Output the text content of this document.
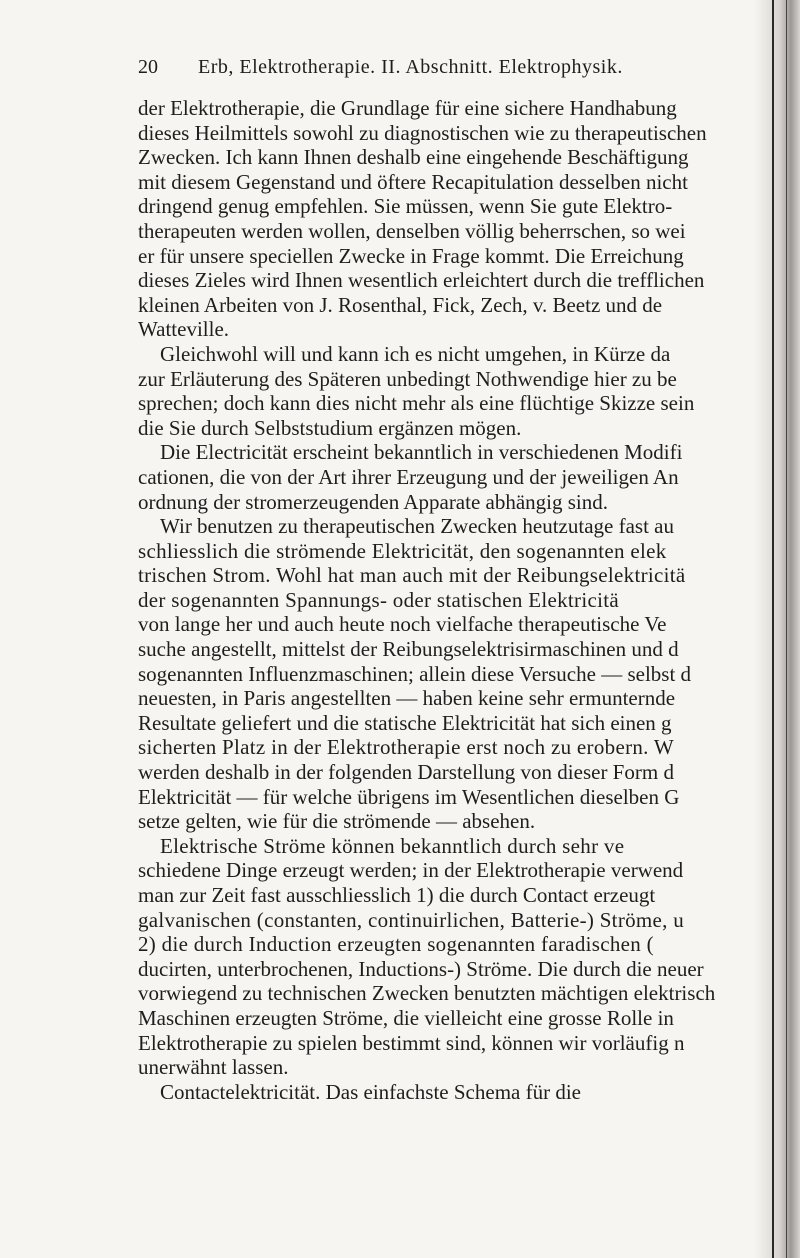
20 Erb, Elektrotherapie. II. Abschnitt. Elektrophysik.
der Elektrotherapie, die Grundlage für eine sichere Handhabung
dieses Heilmittels sowohl zu diagnostischen wie zu therapeutischen
Zwecken. Ich kann Ihnen deshalb eine eingehende Beschäftigung
mit diesem Gegenstand und öftere Recapitulation desselben nicht
dringend genug empfehlen. Sie müssen, wenn Sie gute Elektro-
therapeuten werden wollen, denselben völlig beherrschen, so wei
er für unsere speciellen Zwecke in Frage kommt. Die Erreichung
dieses Zieles wird Ihnen wesentlich erleichtert durch die trefflichen
kleinen Arbeiten von J. Rosenthal, Fick, Zech, v. Beetz und de
Watteville.
Gleichwohl will und kann ich es nicht umgehen, in Kürze da
zur Erläuterung des Späteren unbedingt Nothwendige hier zu be
sprechen; doch kann dies nicht mehr als eine flüchtige Skizze sein
die Sie durch Selbststudium ergänzen mögen.
Die Electricität erscheint bekanntlich in verschiedenen Modifi
cationen, die von der Art ihrer Erzeugung und der jeweiligen An
ordnung der stromerzeugenden Apparate abhängig sind.
Wir benutzen zu therapeutischen Zwecken heutzutage fast au
schliesslich die strömende Elektricität, den sogenannten elek
trischen Strom. Wohl hat man auch mit der Reibungselektricitä
der sogenannten Spannungs- oder statischen Elektricitä
von lange her und auch heute noch vielfache therapeutische Ve
suche angestellt, mittelst der Reibungselektrisirmaschinen und d
sogenannten Influenzmaschinen; allein diese Versuche — selbst d
neuesten, in Paris angestellten — haben keine sehr ermunternde
Resultate geliefert und die statische Elektricität hat sich einen g
sicherten Platz in der Elektrotherapie erst noch zu erobern. W
werden deshalb in der folgenden Darstellung von dieser Form d
Elektricität — für welche übrigens im Wesentlichen dieselben G
setze gelten, wie für die strömende — absehen.
Elektrische Ströme können bekanntlich durch sehr ve
schiedene Dinge erzeugt werden; in der Elektrotherapie verwend
man zur Zeit fast ausschliesslich 1) die durch Contact erzeugt
galvanischen (constanten, continuirlichen, Batterie-) Ströme, u
2) die durch Induction erzeugten sogenannten faradischen (
ducirten, unterbrochenen, Inductions-) Ströme. Die durch die neuer
vorwiegend zu technischen Zwecken benutzten mächtigen elektrisch
Maschinen erzeugten Ströme, die vielleicht eine grosse Rolle in
Elektrotherapie zu spielen bestimmt sind, können wir vorläufig n
unerwähnt lassen.
Contactelektricität. Das einfachste Schema für die
